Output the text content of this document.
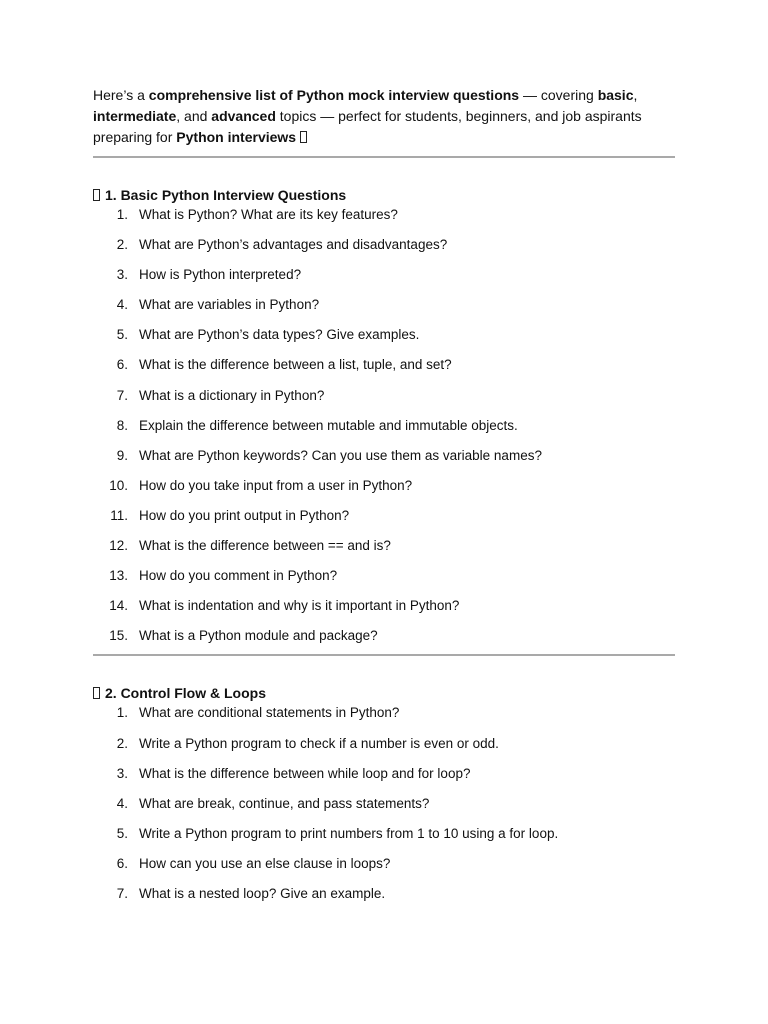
Here’s a comprehensive list of Python mock interview questions — covering basic, intermediate, and advanced topics — perfect for students, beginners, and job aspirants preparing for Python interviews

1. Basic Python Interview Questions
1. What is Python? What are its key features?
2. What are Python’s advantages and disadvantages?
3. How is Python interpreted?
4. What are variables in Python?
5. What are Python’s data types? Give examples.
6. What is the difference between a list, tuple, and set?
7. What is a dictionary in Python?
8. Explain the difference between mutable and immutable objects.
9. What are Python keywords? Can you use them as variable names?
10. How do you take input from a user in Python?
11. How do you print output in Python?
12. What is the difference between == and is?
13. How do you comment in Python?
14. What is indentation and why is it important in Python?
15. What is a Python module and package?
2. Control Flow & Loops
1. What are conditional statements in Python?
2. Write a Python program to check if a number is even or odd.
3. What is the difference between while loop and for loop?
4. What are break, continue, and pass statements?
5. Write a Python program to print numbers from 1 to 10 using a for loop.
6. How can you use an else clause in loops?
7. What is a nested loop? Give an example.
